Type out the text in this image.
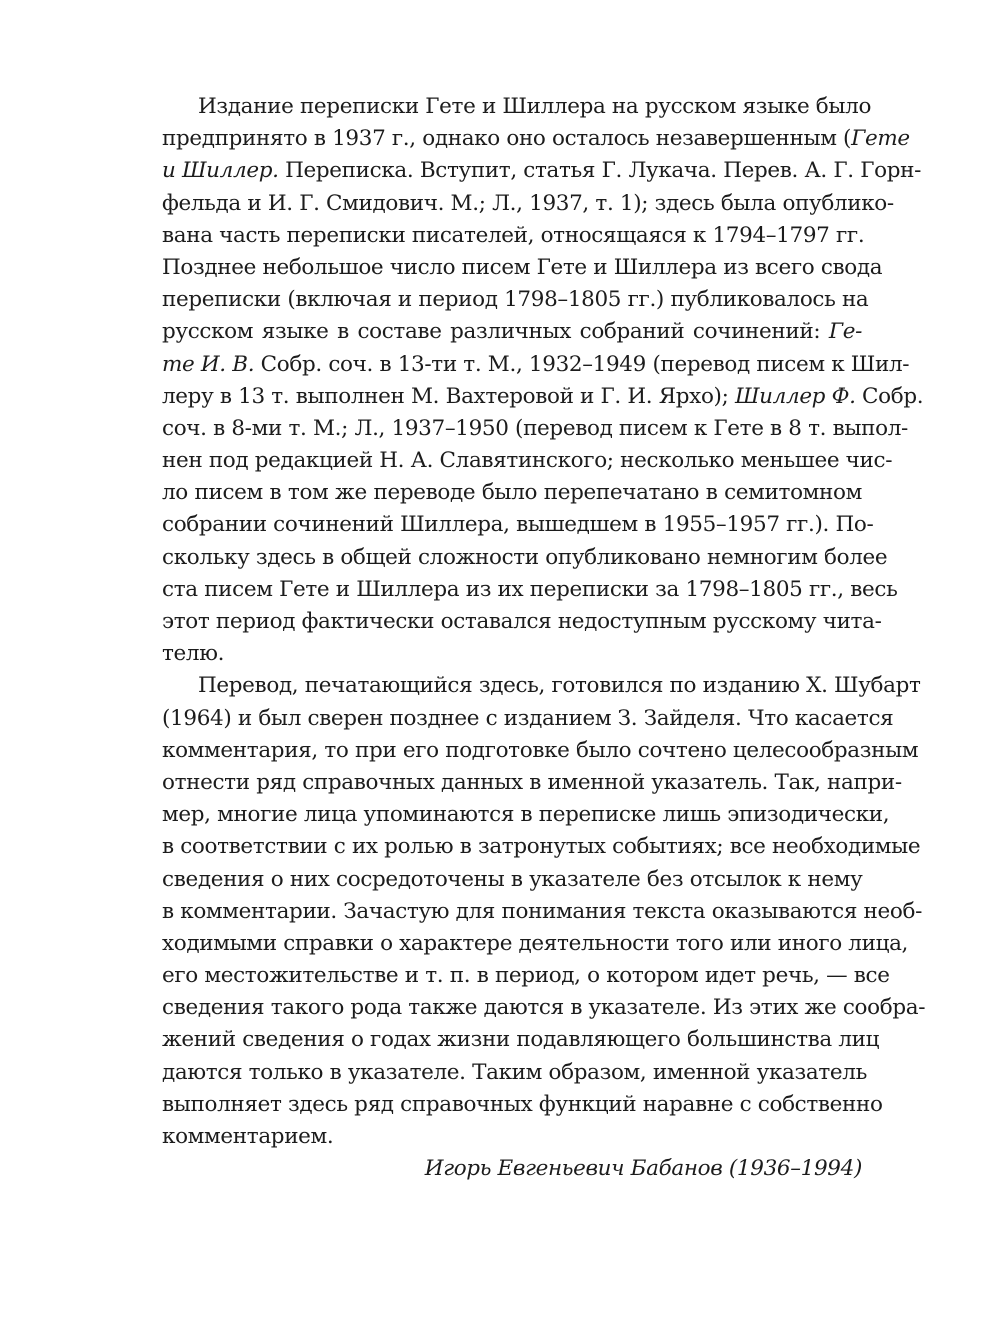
Издание переписки Гете и Шиллера на русском языке было
предпринято в 1937 г., однако оно осталось незавершенным (Гете
и Шиллер. Переписка. Вступит, статья Г. Лукача. Перев. А. Г. Горн-
фельда и И. Г. Смидович. М.; Л., 1937, т. 1); здесь была опублико-
вана часть переписки писателей, относящаяся к 1794–1797 гг.
Позднее небольшое число писем Гете и Шиллера из всего свода
переписки (включая и период 1798–1805 гг.) публиковалось на
русском языке в составе различных собраний сочинений: Ге-
те И. В. Собр. соч. в 13-ти т. М., 1932–1949 (перевод писем к Шил-
леру в 13 т. выполнен М. Вахтеровой и Г. И. Ярхо); Шиллер Ф. Собр.
соч. в 8-ми т. М.; Л., 1937–1950 (перевод писем к Гете в 8 т. выпол-
нен под редакцией Н. А. Славятинского; несколько меньшее чис-
ло писем в том же переводе было перепечатано в семитомном
собрании сочинений Шиллера, вышедшем в 1955–1957 гг.). По-
скольку здесь в общей сложности опубликовано немногим более
ста писем Гете и Шиллера из их переписки за 1798–1805 гг., весь
этот период фактически оставался недоступным русскому чита-
телю.
Перевод, печатающийся здесь, готовился по изданию Х. Шубарт
(1964) и был сверен позднее с изданием З. Зайделя. Что касается
комментария, то при его подготовке было сочтено целесообразным
отнести ряд справочных данных в именной указатель. Так, напри-
мер, многие лица упоминаются в переписке лишь эпизодически,
в соответствии с их ролью в затронутых событиях; все необходимые
сведения о них сосредоточены в указателе без отсылок к нему
в комментарии. Зачастую для понимания текста оказываются необ-
ходимыми справки о характере деятельности того или иного лица,
его местожительстве и т. п. в период, о котором идет речь, — все
сведения такого рода также даются в указателе. Из этих же сообра-
жений сведения о годах жизни подавляющего большинства лиц
даются только в указателе. Таким образом, именной указатель
выполняет здесь ряд справочных функций наравне с собственно
комментарием.
Игорь Евгеньевич Бабанов (1936–1994)
